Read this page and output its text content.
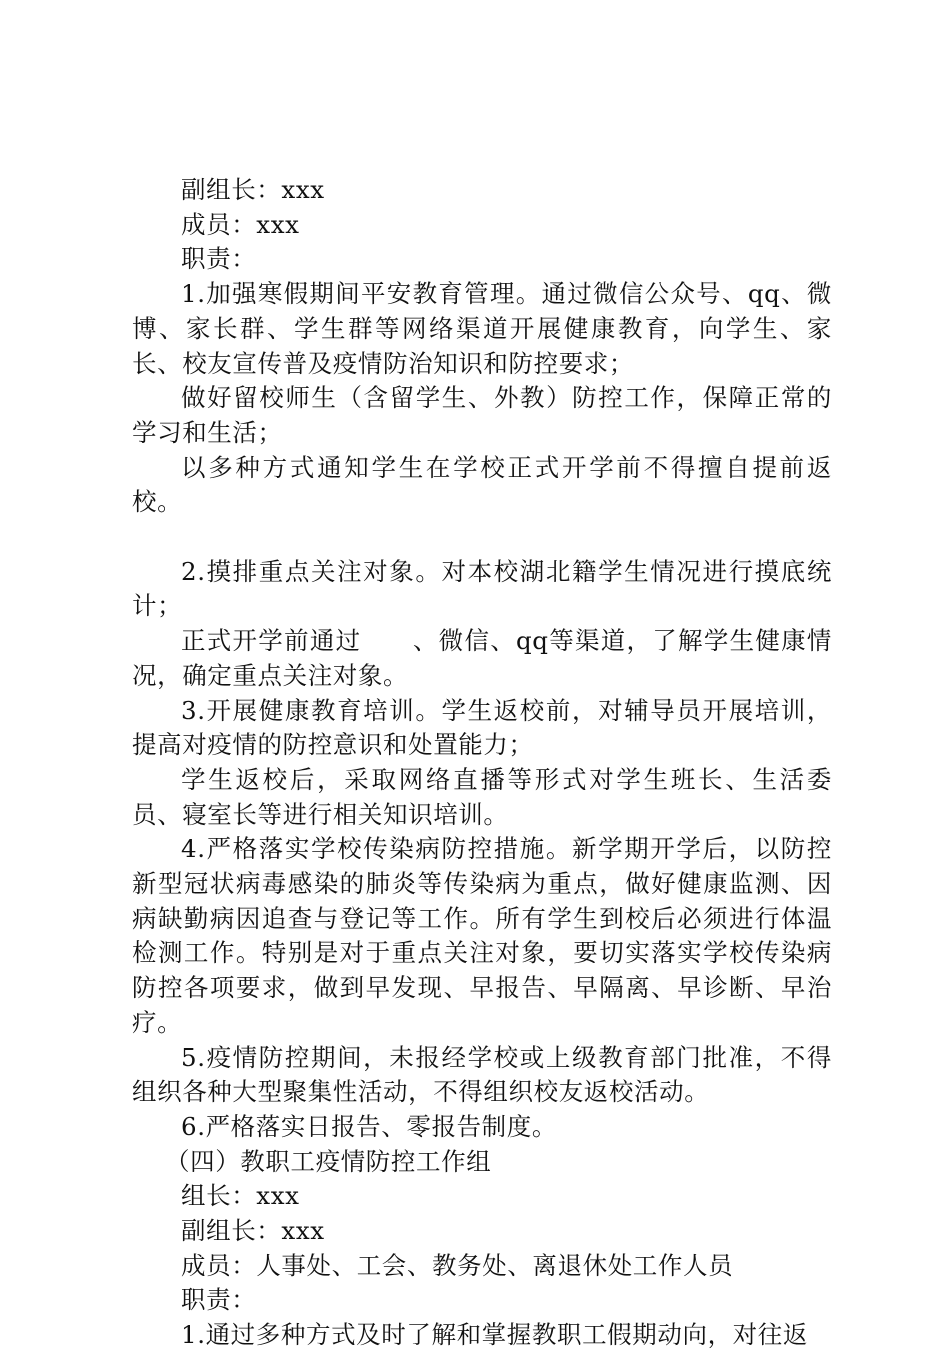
副组长：xxx

成员：xxx

职责：

1.加强寒假期间平安教育管理。通过微信公众号、qq、微博、家长群、学生群等网络渠道开展健康教育，向学生、家长、校友宣传普及疫情防治知识和防控要求；

做好留校师生（含留学生、外教）防控工作，保障正常的学习和生活；

以多种方式通知学生在学校正式开学前不得擅自提前返校。

2.摸排重点关注对象。对本校湖北籍学生情况进行摸底统计；

正式开学前通过　　、微信、qq等渠道，了解学生健康情况，确定重点关注对象。

3.开展健康教育培训。学生返校前，对辅导员开展培训，提高对疫情的防控意识和处置能力；

学生返校后，采取网络直播等形式对学生班长、生活委员、寝室长等进行相关知识培训。

4.严格落实学校传染病防控措施。新学期开学后，以防控新型冠状病毒感染的肺炎等传染病为重点，做好健康监测、因病缺勤病因追查与登记等工作。所有学生到校后必须进行体温检测工作。特别是对于重点关注对象，要切实落实学校传染病防控各项要求，做到早发现、早报告、早隔离、早诊断、早治疗。

5.疫情防控期间，未报经学校或上级教育部门批准，不得组织各种大型聚集性活动，不得组织校友返校活动。

6.严格落实日报告、零报告制度。

（四）教职工疫情防控工作组

组长：xxx

副组长：xxx

成员：人事处、工会、教务处、离退休处工作人员

职责：

1.通过多种方式及时了解和掌握教职工假期动向，对往返
